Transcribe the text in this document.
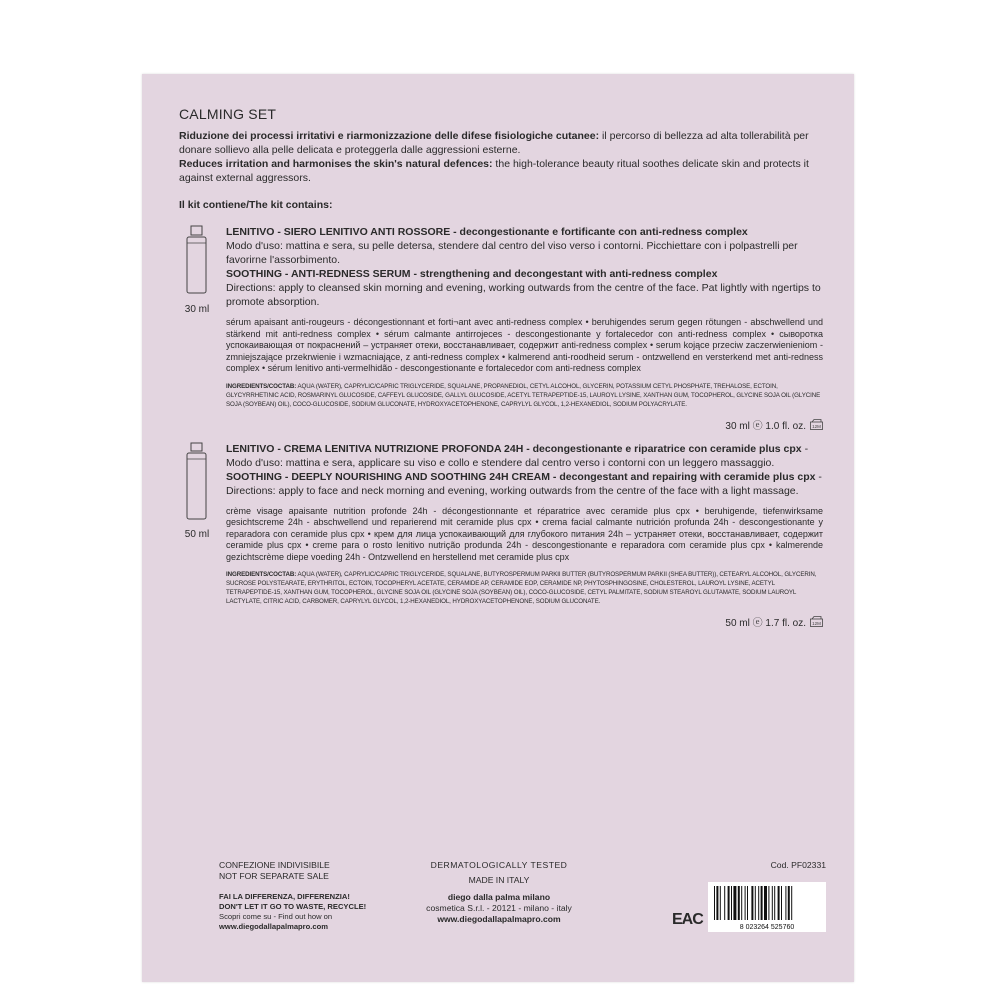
CALMING SET

Riduzione dei processi irritativi e riarmonizzazione delle difese fisiologiche cutanee: il percorso di bellezza ad alta tollerabilità per donare sollievo alla pelle delicata e proteggerla dalle aggressioni esterne.

Reduces irritation and harmonises the skin's natural defences: the high-tolerance beauty ritual soothes delicate skin and protects it against external aggressors.

Il kit contiene/The kit contains:
30 ml

LENITIVO - SIERO LENITIVO ANTI ROSSORE - decongestionante e fortificante con anti-redness complex
Modo d'uso: mattina e sera, su pelle detersa, stendere dal centro del viso verso i contorni. Picchiettare con i polpastrelli per favorirne l'assorbimento.

SOOTHING - ANTI-REDNESS SERUM - strengthening and decongestant with anti-redness complex
Directions: apply to cleansed skin morning and evening, working outwards from the centre of the face. Pat lightly with ngertips to promote absorption.

sérum apaisant anti-rougeurs - décongestionnant et forti¬ant avec anti-redness complex • beruhigendes serum gegen rötungen - abschwellend und stärkend mit anti-redness complex • sérum calmante antirrojeces - descongestionante y fortalecedor con anti-redness complex • сыворотка успокаивающая от покраснений – устраняет отеки, восстанавливает, содержит anti-redness complex • serum kojące przeciw zaczerwienieniom - zmniejszające przekrwienie i wzmacniające, z anti-redness complex • kalmerend anti-roodheid serum - ontzwellend en versterkend met anti-redness complex • sérum lenitivo anti-vermelhidão - descongestionante e fortalecedor com anti-redness complex

INGREDIENTS/COCTAB: AQUA (WATER), CAPRYLIC/CAPRIC TRIGLYCERIDE, SQUALANE, PROPANEDIOL, CETYL ALCOHOL, GLYCERIN, POTASSIUM CETYL PHOSPHATE, TREHALOSE, ECTOIN, GLYCYRRHETINIC ACID, ROSMARINYL GLUCOSIDE, CAFFEYL GLUCOSIDE, GALLYL GLUCOSIDE, ACETYL TETRAPEPTIDE-15, LAUROYL LYSINE, XANTHAN GUM, TOCOPHEROL, GLYCINE SOJA OIL (GLYCINE SOJA (SOYBEAN) OIL), COCO-GLUCOSIDE, SODIUM GLUCONATE, HYDROXYACETOPHENONE, CAPRYLYL GLYCOL, 1,2-HEXANEDIOL, SODIUM POLYACRYLATE.

30 ml ⓔ 1.0 fl. oz. 12M
50 ml

LENITIVO - CREMA LENITIVA NUTRIZIONE PROFONDA 24H - decongestionante e riparatrice con ceramide plus cpx - Modo d'uso: mattina e sera, applicare su viso e collo e stendere dal centro verso i contorni con un leggero massaggio.

SOOTHING - DEEPLY NOURISHING AND SOOTHING 24H CREAM - decongestant and repairing with ceramide plus cpx -Directions: apply to face and neck morning and evening, working outwards from the centre of the face with a light massage.

crème visage apaisante nutrition profonde 24h - décongestionnante et réparatrice avec ceramide plus cpx • beruhigende, tiefenwirksame gesichtscreme 24h - abschwellend und reparierend mit ceramide plus cpx • crema facial calmante nutrición profunda 24h - descongestionante y reparadora con ceramide plus cpx • крем для лица успокаивающий для глубокого питания 24h – устраняет отеки, восстанавливает, содержит ceramide plus cpx • creme para o rosto lenitivo nutrição produnda 24h - descongestionante e reparadora com ceramide plus cpx • kalmerende gezichtscrème diepe voeding 24h - Ontzwellend en herstellend met ceramide plus cpx

INGREDIENTS/COCTAB: AQUA (WATER), CAPRYLIC/CAPRIC TRIGLYCERIDE, SQUALANE, BUTYROSPERMUM PARKII BUTTER (BUTYROSPERMUM PARKII (SHEA BUTTER)), CETEARYL ALCOHOL, GLYCERIN, SUCROSE POLYSTEARATE, ERYTHRITOL, ECTOIN, TOCOPHERYL ACETATE, CERAMIDE AP, CERAMIDE EOP, CERAMIDE NP, PHYTOSPHINGOSINE, CHOLESTEROL, LAUROYL LYSINE, ACETYL TETRAPEPTIDE-15, XANTHAN GUM, TOCOPHEROL, GLYCINE SOJA OIL (GLYCINE SOJA (SOYBEAN) OIL), COCO-GLUCOSIDE, CETYL PALMITATE, SODIUM STEAROYL GLUTAMATE, SODIUM LAUROYL LACTYLATE, CITRIC ACID, CARBOMER, CAPRYLYL GLYCOL, 1,2-HEXANEDIOL, HYDROXYACETOPHENONE, SODIUM GLUCONATE.

50 ml ⓔ 1.7 fl. oz. 12M
CONFEZIONE INDIVISIBILE
NOT FOR SEPARATE SALE
FAI LA DIFFERENZA, DIFFERENZIA!
DON'T LET IT GO TO WASTE, RECYCLE!
Scopri come su - Find out how on
www.diegodallapalmapro.com
DERMATOLOGICALLY TESTED
MADE IN ITALY
diego dalla palma milano
cosmetica S.r.l. - 20121 - milano - italy
www.diegodallapalmapro.com	EAC
Cod. PF02331
8 023264 525760
